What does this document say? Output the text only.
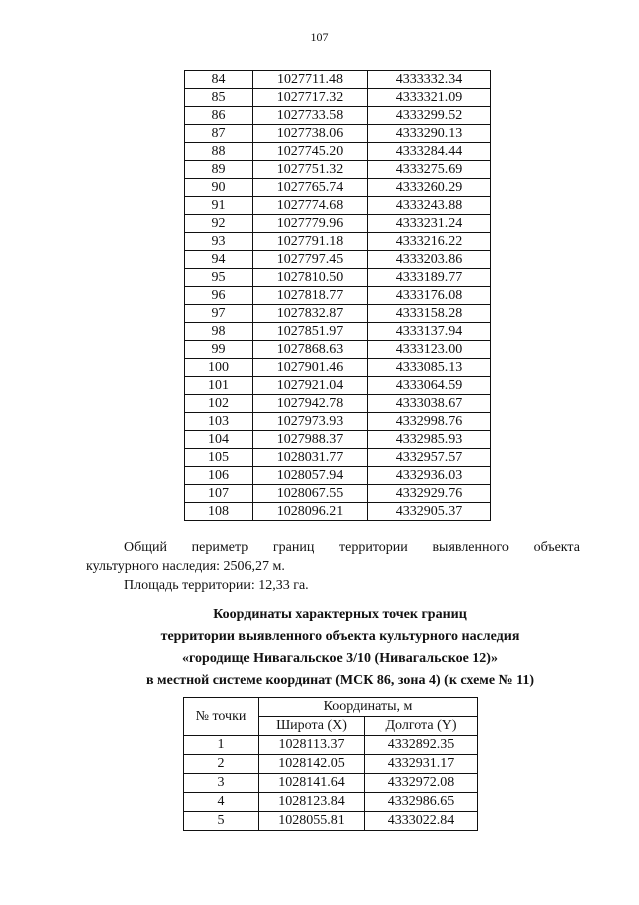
107
84	1027711.48	4333332.34
85	1027717.32	4333321.09
86	1027733.58	4333299.52
87	1027738.06	4333290.13
88	1027745.20	4333284.44
89	1027751.32	4333275.69
90	1027765.74	4333260.29
91	1027774.68	4333243.88
92	1027779.96	4333231.24
93	1027791.18	4333216.22
94	1027797.45	4333203.86
95	1027810.50	4333189.77
96	1027818.77	4333176.08
97	1027832.87	4333158.28
98	1027851.97	4333137.94
99	1027868.63	4333123.00
100	1027901.46	4333085.13
101	1027921.04	4333064.59
102	1027942.78	4333038.67
103	1027973.93	4332998.76
104	1027988.37	4332985.93
105	1028031.77	4332957.57
106	1028057.94	4332936.03
107	1028067.55	4332929.76
108	1028096.21	4332905.37
Общий периметр границ территории выявленного объекта
культурного наследия: 2506,27 м.
Площадь территории: 12,33 га.
Координаты характерных точек границ
территории выявленного объекта культурного наследия
«городище Нивагальское 3/10 (Нивагальское 12)»
в местной системе координат (МСК 86, зона 4) (к схеме № 11)
№ точки	Координаты, м	
	Широта (X)	Долгота (Y)
1	1028113.37	4332892.35
2	1028142.05	4332931.17
3	1028141.64	4332972.08
4	1028123.84	4332986.65
5	1028055.81	4333022.84
